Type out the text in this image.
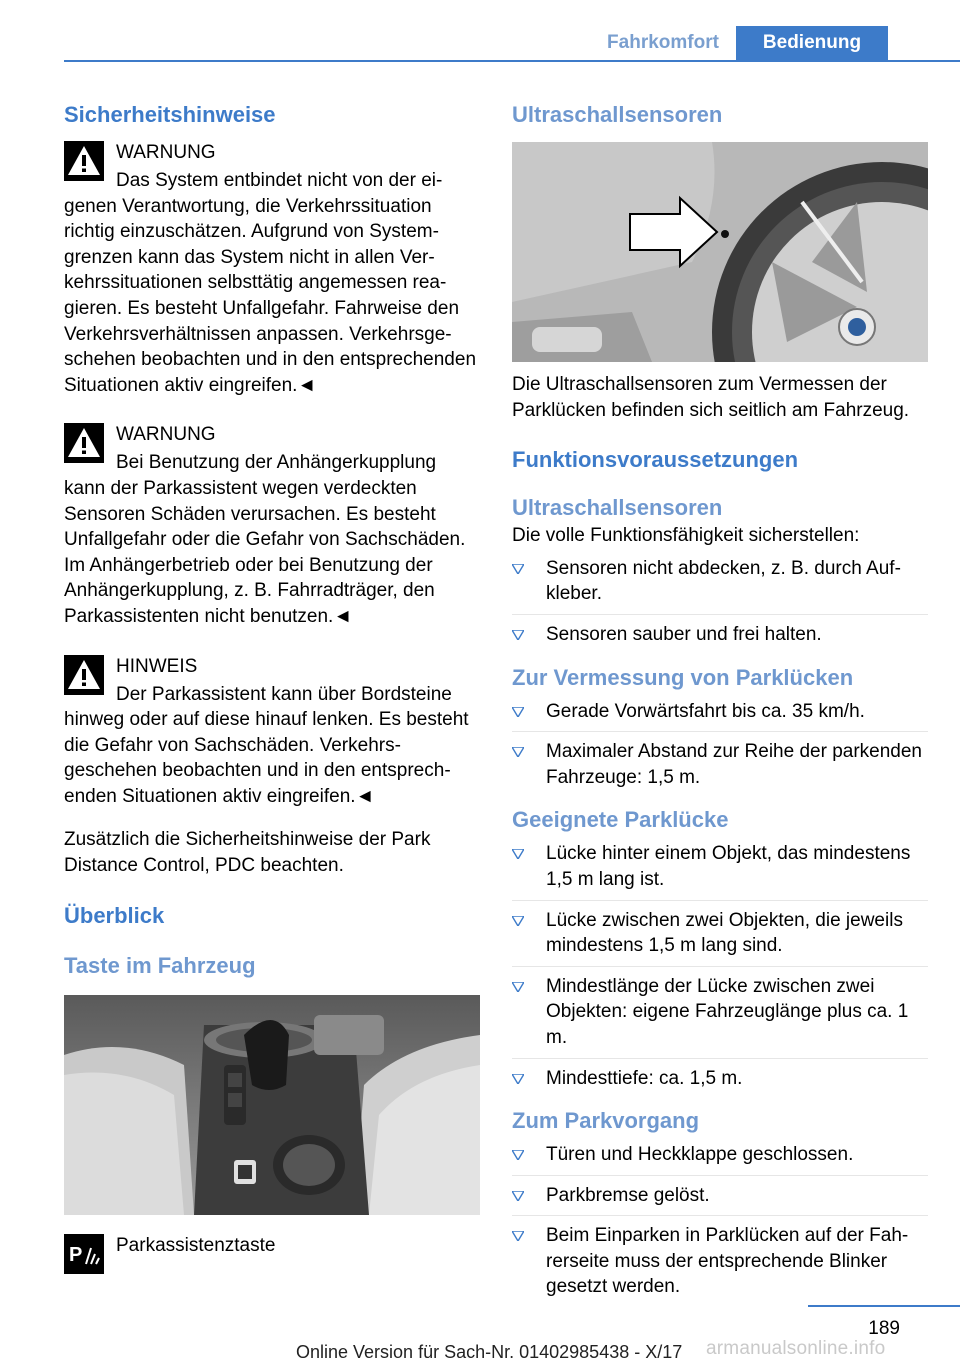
Fahrkomfort	Bedienung
Sicherheitshinweise
WARNUNG

Das System entbindet nicht von der eigenen Verantwortung, die Verkehrssituation richtig einzuschätzen. Aufgrund von Systemgrenzen kann das System nicht in allen Verkehrssituationen selbsttätig angemessen reagieren. Es besteht Unfallgefahr. Fahrweise den Verkehrsverhältnissen anpassen. Verkehrsgeschehen beobachten und in den entsprechenden Situationen aktiv eingreifen.◄

WARNUNG

Bei Benutzung der Anhängerkupplung kann der Parkassistent wegen verdeckten Sensoren Schäden verursachen. Es besteht Unfallgefahr oder die Gefahr von Sachschäden. Im Anhängerbetrieb oder bei Benutzung der Anhängerkupplung, z. B. Fahrradträger, den Parkassistenten nicht benutzen.◄

HINWEIS

Der Parkassistent kann über Bordsteine hinweg oder auf diese hinauf lenken. Es besteht die Gefahr von Sachschäden. Verkehrsgeschehen beobachten und in den entsprechenden Situationen aktiv eingreifen.◄

Zusätzlich die Sicherheitshinweise der Park Distance Control, PDC beachten.

Überblick
Taste im Fahrzeug
P	Parkassistenztaste
Ultraschallsensoren

Die Ultraschallsensoren zum Vermessen der Parklücken befinden sich seitlich am Fahrzeug.

Funktionsvoraussetzungen
Ultraschallsensoren

Die volle Funktionsfähigkeit sicherstellen:

Sensoren nicht abdecken, z. B. durch Aufkleber.
Sensoren sauber und frei halten.
Zur Vermessung von Parklücken
Gerade Vorwärtsfahrt bis ca. 35 km/h.
Maximaler Abstand zur Reihe der parkenden Fahrzeuge: 1,5 m.
Geeignete Parklücke
Lücke hinter einem Objekt, das mindestens 1,5 m lang ist.
Lücke zwischen zwei Objekten, die jeweils mindestens 1,5 m lang sind.
Mindestlänge der Lücke zwischen zwei Objekten: eigene Fahrzeuglänge plus ca. 1 m.
Mindesttiefe: ca. 1,5 m.
Zum Parkvorgang
Türen und Heckklappe geschlossen.
Parkbremse gelöst.
Beim Einparken in Parklücken auf der Fahrerseite muss der entsprechende Blinker gesetzt werden.
189
Online Version für Sach-Nr. 01402985438 - X/17	armanualsonline.info
